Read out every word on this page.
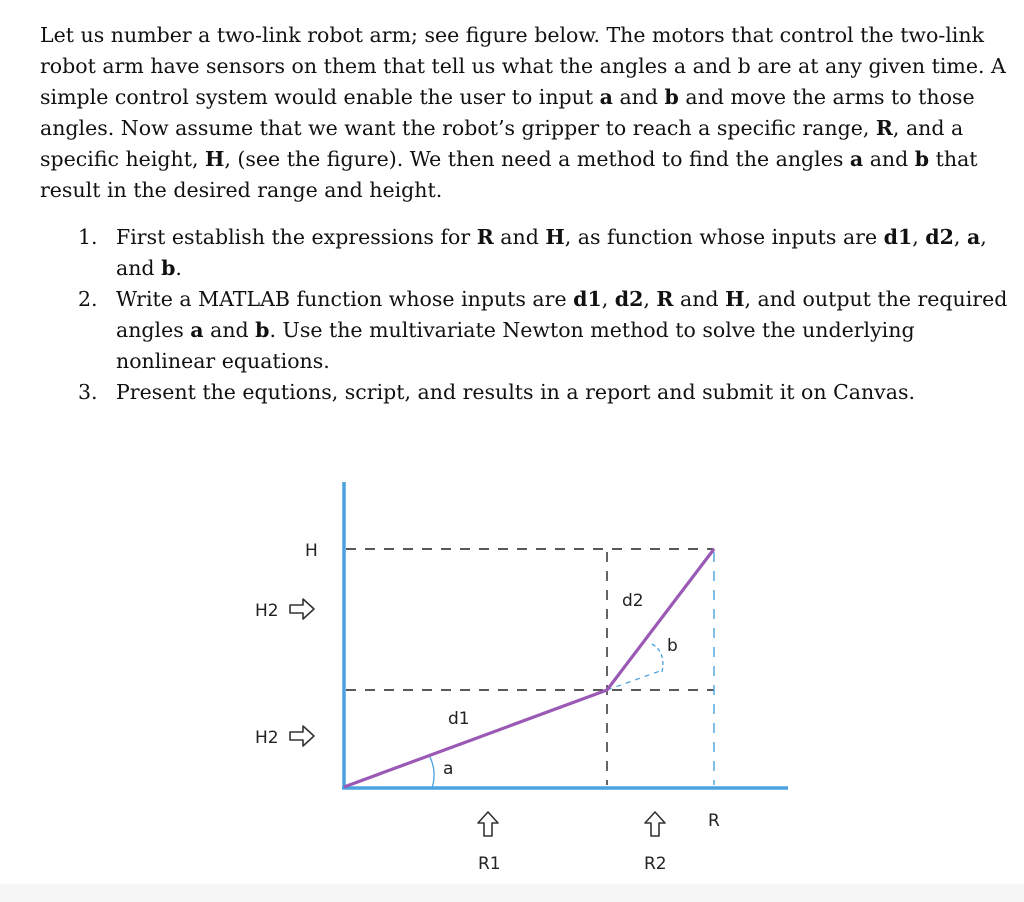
Let us number a two-link robot arm; see figure below. The motors that control the two-link robot arm have sensors on them that tell us what the angles a and b are at any given time. A simple control system would enable the user to input a and b and move the arms to those angles. Now assume that we want the robot’s gripper to reach a specific range, R, and a specific height, H, (see the figure). We then need a method to find the angles a and b that result in the desired range and height.

1. First establish the expressions for R and H, as function whose inputs are d1, d2, a, and b.
2. Write a MATLAB function whose inputs are d1, d2, R and H, and output the required angles a and b. Use the multivariate Newton method to solve the underlying nonlinear equations.
3. Present the equtions, script, and results in a report and submit it on Canvas.
H
H2
H2
d1
d2
a
b
R
R1	R2
